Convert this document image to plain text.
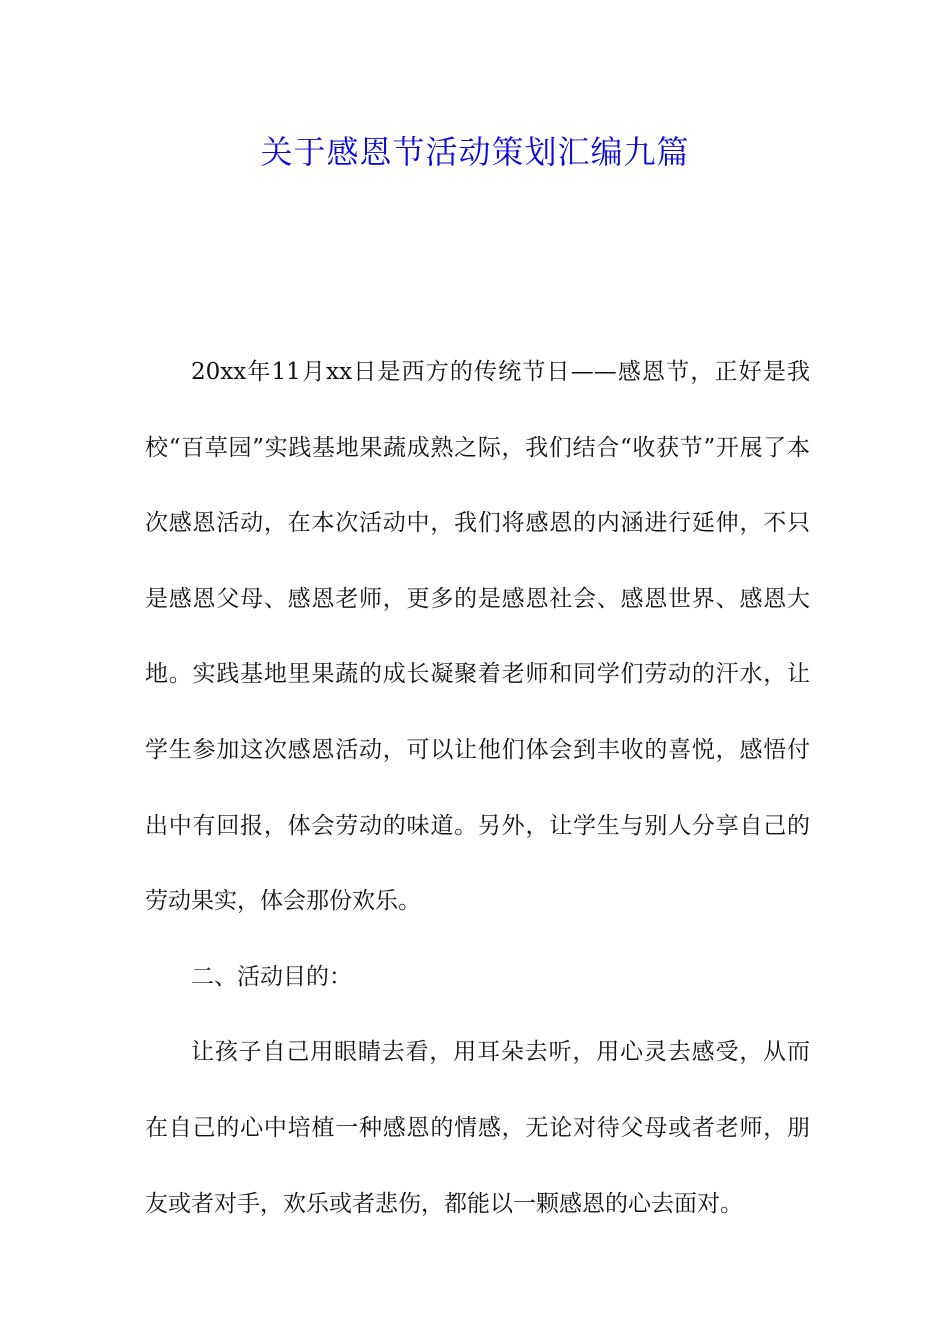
关于感恩节活动策划汇编九篇

20xx年11月xx日是西方的传统节日——感恩节，正好是我校“百草园”实践基地果蔬成熟之际，我们结合“收获节”开展了本次感恩活动，在本次活动中，我们将感恩的内涵进行延伸，不只是感恩父母、感恩老师，更多的是感恩社会、感恩世界、感恩大地。实践基地里果蔬的成长凝聚着老师和同学们劳动的汗水，让学生参加这次感恩活动，可以让他们体会到丰收的喜悦，感悟付出中有回报，体会劳动的味道。另外，让学生与别人分享自己的劳动果实，体会那份欢乐。

二、活动目的：

让孩子自己用眼睛去看，用耳朵去听，用心灵去感受，从而在自己的心中培植一种感恩的情感，无论对待父母或者老师，朋友或者对手，欢乐或者悲伤，都能以一颗感恩的心去面对。
